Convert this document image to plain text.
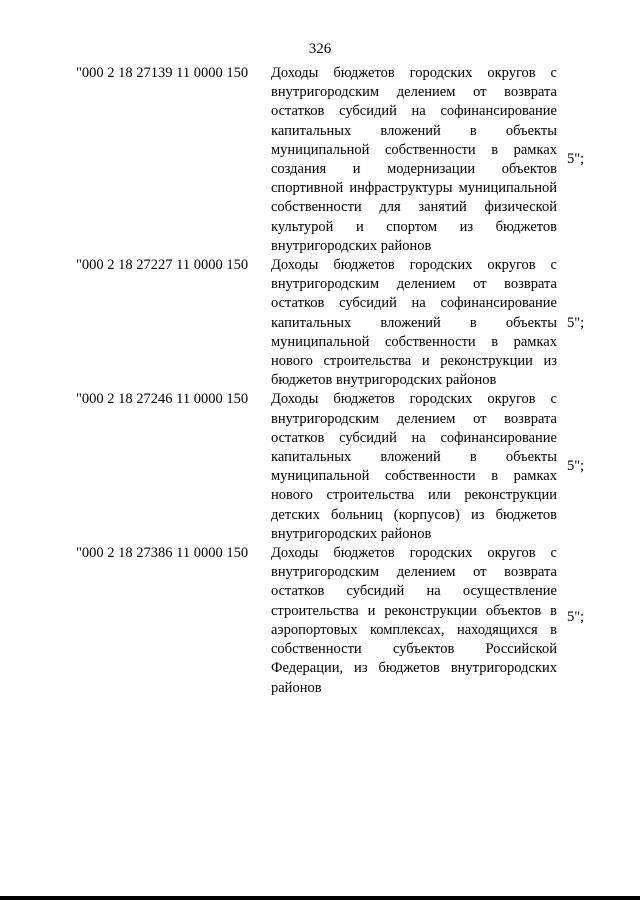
326
"000 2 18 27139 11 0000 150	Доходы бюджетов городских округов с внутригородским делением от возврата остатков субсидий на софинансирование капитальных вложений в объекты муниципальной собственности в рамках создания и модернизации объектов спортивной инфраструктуры муниципальной собственности для занятий физической культурой и спортом из бюджетов внутригородских районов
5";
"000 2 18 27227 11 0000 150	Доходы бюджетов городских округов с внутригородским делением от возврата остатков субсидий на софинансирование капитальных вложений в объекты муниципальной собственности в рамках нового строительства и реконструкции из бюджетов внутригородских районов
5";
"000 2 18 27246 11 0000 150	Доходы бюджетов городских округов с внутригородским делением от возврата остатков субсидий на софинансирование капитальных вложений в объекты муниципальной собственности в рамках нового строительства или реконструкции детских больниц (корпусов) из бюджетов внутригородских районов
5";
"000 2 18 27386 11 0000 150	Доходы бюджетов городских округов с внутригородским делением от возврата остатков субсидий на осуществление строительства и реконструкции объектов в аэропортовых комплексах, находящихся в собственности субъектов Российской Федерации, из бюджетов внутригородских районов
5";
